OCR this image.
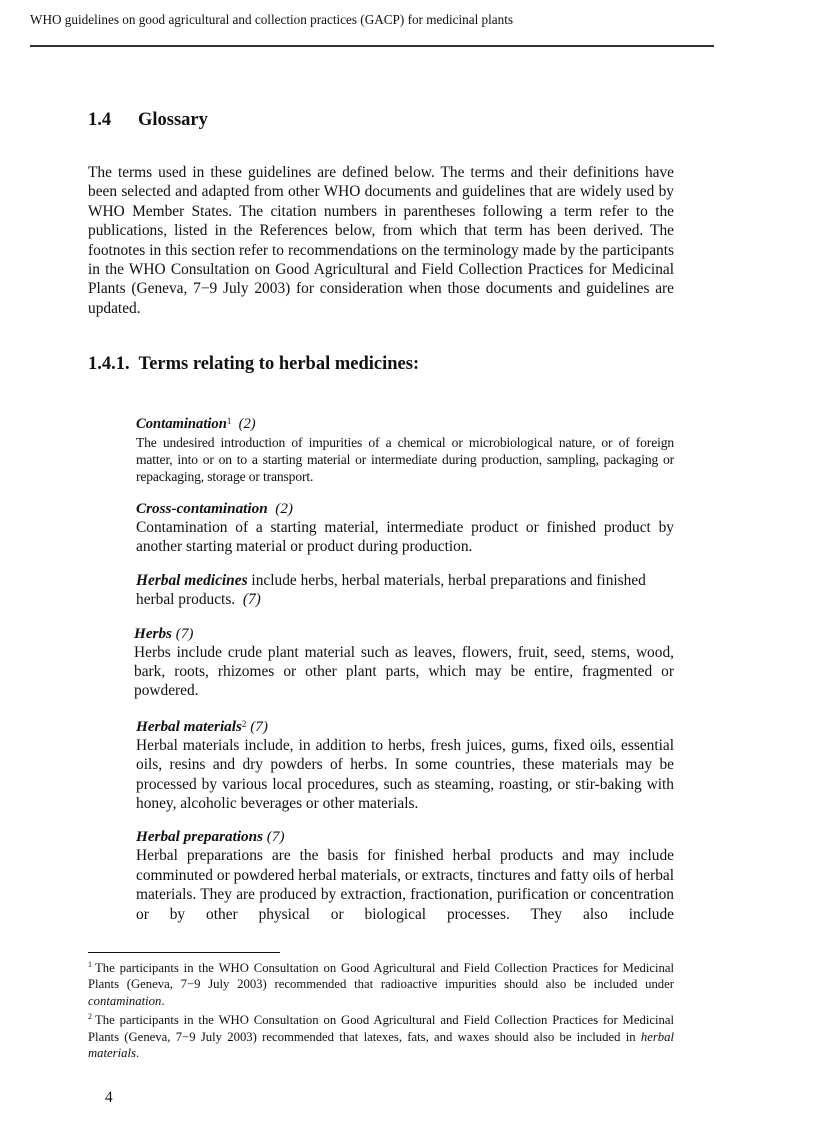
WHO guidelines on good agricultural and collection practices (GACP) for medicinal plants
1.4 Glossary

The terms used in these guidelines are defined below. The terms and their definitions have been selected and adapted from other WHO documents and guidelines that are widely used by WHO Member States. The citation numbers in parentheses following a term refer to the publications, listed in the References below, from which that term has been derived. The footnotes in this section refer to recommendations on the terminology made by the participants in the WHO Consultation on Good Agricultural and Field Collection Practices for Medicinal Plants (Geneva, 7−9 July 2003) for consideration when those documents and guidelines are updated.

1.4.1. Terms relating to herbal medicines:
Contamination$^1$ (2)
The undesired introduction of impurities of a chemical or microbiological nature, or of foreign matter, into or on to a starting material or intermediate during production, sampling, packaging or repackaging, storage or transport.
Cross-contamination (2)
Contamination of a starting material, intermediate product or finished product by another starting material or product during production.
Herbal medicines include herbs, herbal materials, herbal preparations and finished herbal products. (7)
Herbs (7)
Herbs include crude plant material such as leaves, flowers, fruit, seed, stems, wood, bark, roots, rhizomes or other plant parts, which may be entire, fragmented or powdered.
Herbal materials$^2$ (7)
Herbal materials include, in addition to herbs, fresh juices, gums, fixed oils, essential oils, resins and dry powders of herbs. In some countries, these materials may be processed by various local procedures, such as steaming, roasting, or stir-baking with honey, alcoholic beverages or other materials.
Herbal preparations (7)
Herbal preparations are the basis for finished herbal products and may include comminuted or powdered herbal materials, or extracts, tinctures and fatty oils of herbal materials. They are produced by extraction, fractionation, purification or concentration or by other physical or biological processes. They also include
$^1$ The participants in the WHO Consultation on Good Agricultural and Field Collection Practices for Medicinal Plants (Geneva, 7−9 July 2003) recommended that radioactive impurities should also be included under contamination.
$^2$ The participants in the WHO Consultation on Good Agricultural and Field Collection Practices for Medicinal Plants (Geneva, 7−9 July 2003) recommended that latexes, fats, and waxes should also be included in herbal materials.
4
